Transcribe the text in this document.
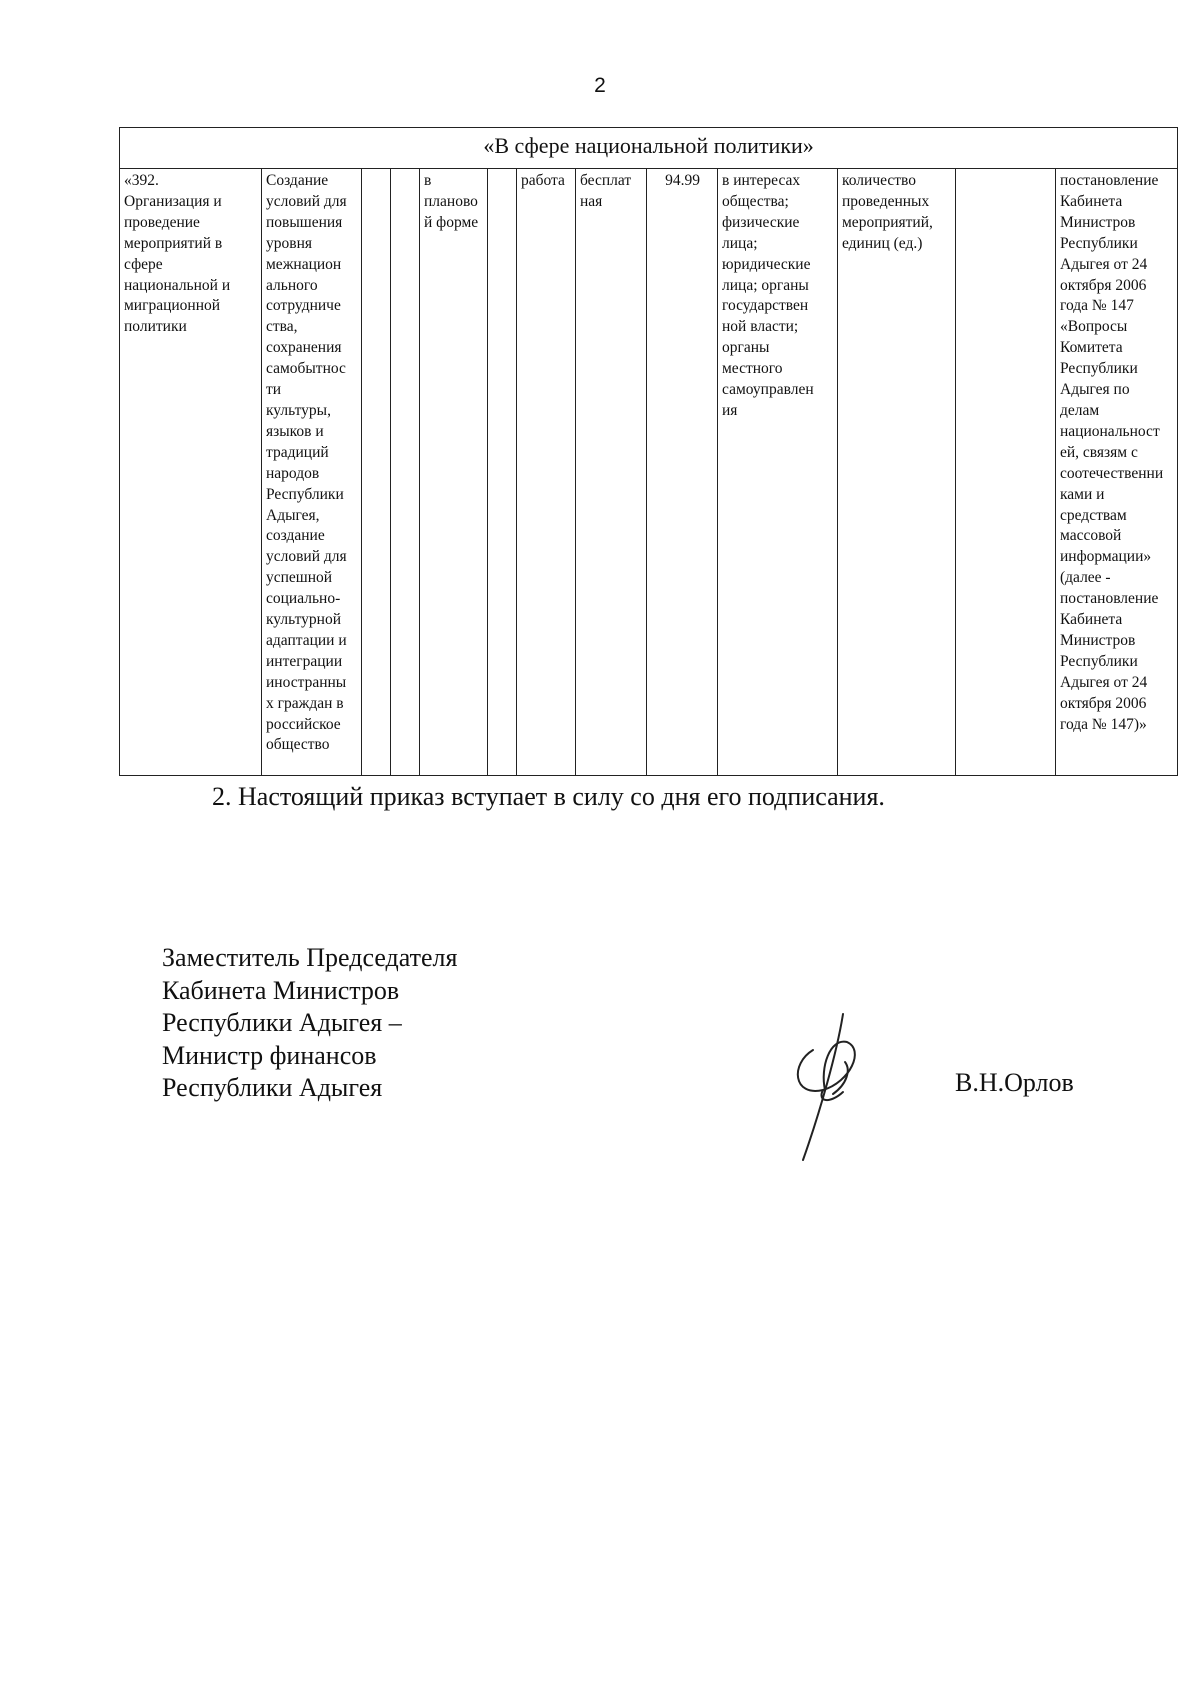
2
«В сфере национальной политики»
«392.
Организация и
проведение
мероприятий в
сфере
национальной и
миграционной
политики	Создание
условий для
повышения
уровня
межнацион
ального
сотрудниче
ства,
сохранения
самобытнос
ти
культуры,
языков и
традиций
народов
Республики
Адыгея,
создание
условий для
успешной
социально-
культурной
адаптации и
интеграции
иностранны
х граждан в
российское
общество			в
планово
й форме		работа	бесплат
ная	94.99	в интересах
общества;
физические
лица;
юридические
лица; органы
государствен
ной власти;
органы
местного
самоуправлен
ия	количество
проведенных
мероприятий,
единиц (ед.)		постановление
Кабинета
Министров
Республики
Адыгея от 24
октября 2006
года № 147
«Вопросы
Комитета
Республики
Адыгея по
делам
национальност
ей, связям с
соотечественни
ками и
средствам
массовой
информации»
(далее -
постановление
Кабинета
Министров
Республики
Адыгея от 24
октября 2006
года № 147)»
2. Настоящий приказ вступает в силу со дня его подписания.
Заместитель Председателя
Кабинета Министров
Республики Адыгея –
Министр финансов
Республики Адыгея	В.Н.Орлов
